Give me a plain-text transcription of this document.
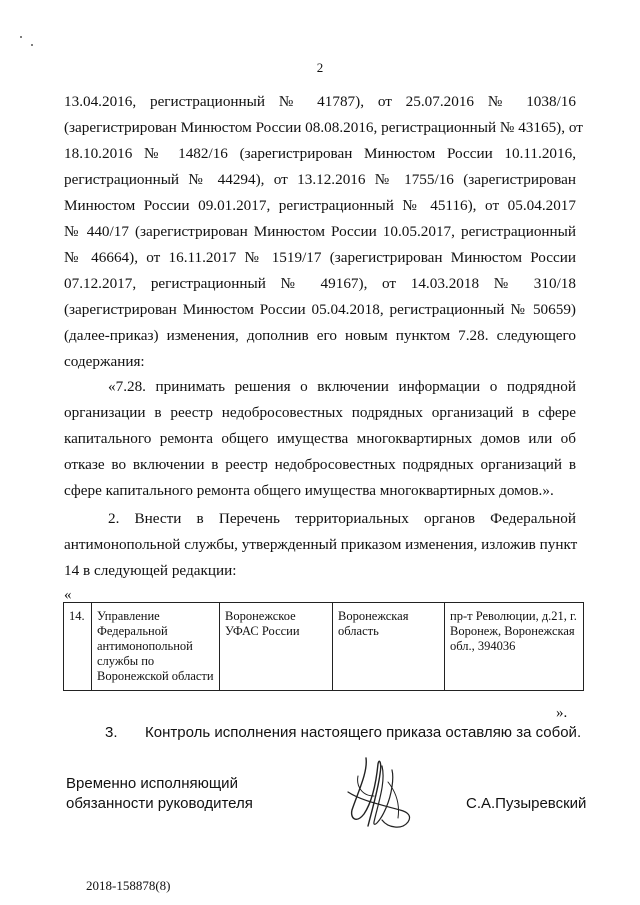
2
13.04.2016, регистрационный № 41787), от 25.07.2016 № 1038/16
(зарегистрирован Минюстом России 08.08.2016, регистрационный № 43165), от
18.10.2016 № 1482/16 (зарегистрирован Минюстом России 10.11.2016,
регистрационный № 44294), от 13.12.2016 № 1755/16 (зарегистрирован
Минюстом России 09.01.2017, регистрационный № 45116), от 05.04.2017
№ 440/17 (зарегистрирован Минюстом России 10.05.2017, регистрационный
№ 46664), от 16.11.2017 № 1519/17 (зарегистрирован Минюстом России
07.12.2017, регистрационный № 49167), от 14.03.2018 № 310/18
(зарегистрирован Минюстом России 05.04.2018, регистрационный № 50659)
(далее-приказ) изменения, дополнив его новым пунктом 7.28. следующего
содержания:
«7.28. принимать решения о включении информации о подрядной
организации в реестр недобросовестных подрядных организаций в сфере
капитального ремонта общего имущества многоквартирных домов или об
отказе во включении в реестр недобросовестных подрядных организаций в
сфере капитального ремонта общего имущества многоквартирных домов.».
2. Внести в Перечень территориальных органов Федеральной
антимонопольной службы, утвержденный приказом изменения, изложив пункт
14 в следующей редакции:
«
14.	Управление Федеральной антимонопольной службы по Воронежской области	Воронежское УФАС России	Воронежская область	пр-т Революции, д.21, г. Воронеж, Воронежская обл., 394036
».
3. Контроль исполнения настоящего приказа оставляю за собой.
Временно исполняющий
обязанности руководителя	С.А.Пузыревский
2018-158878(8)
